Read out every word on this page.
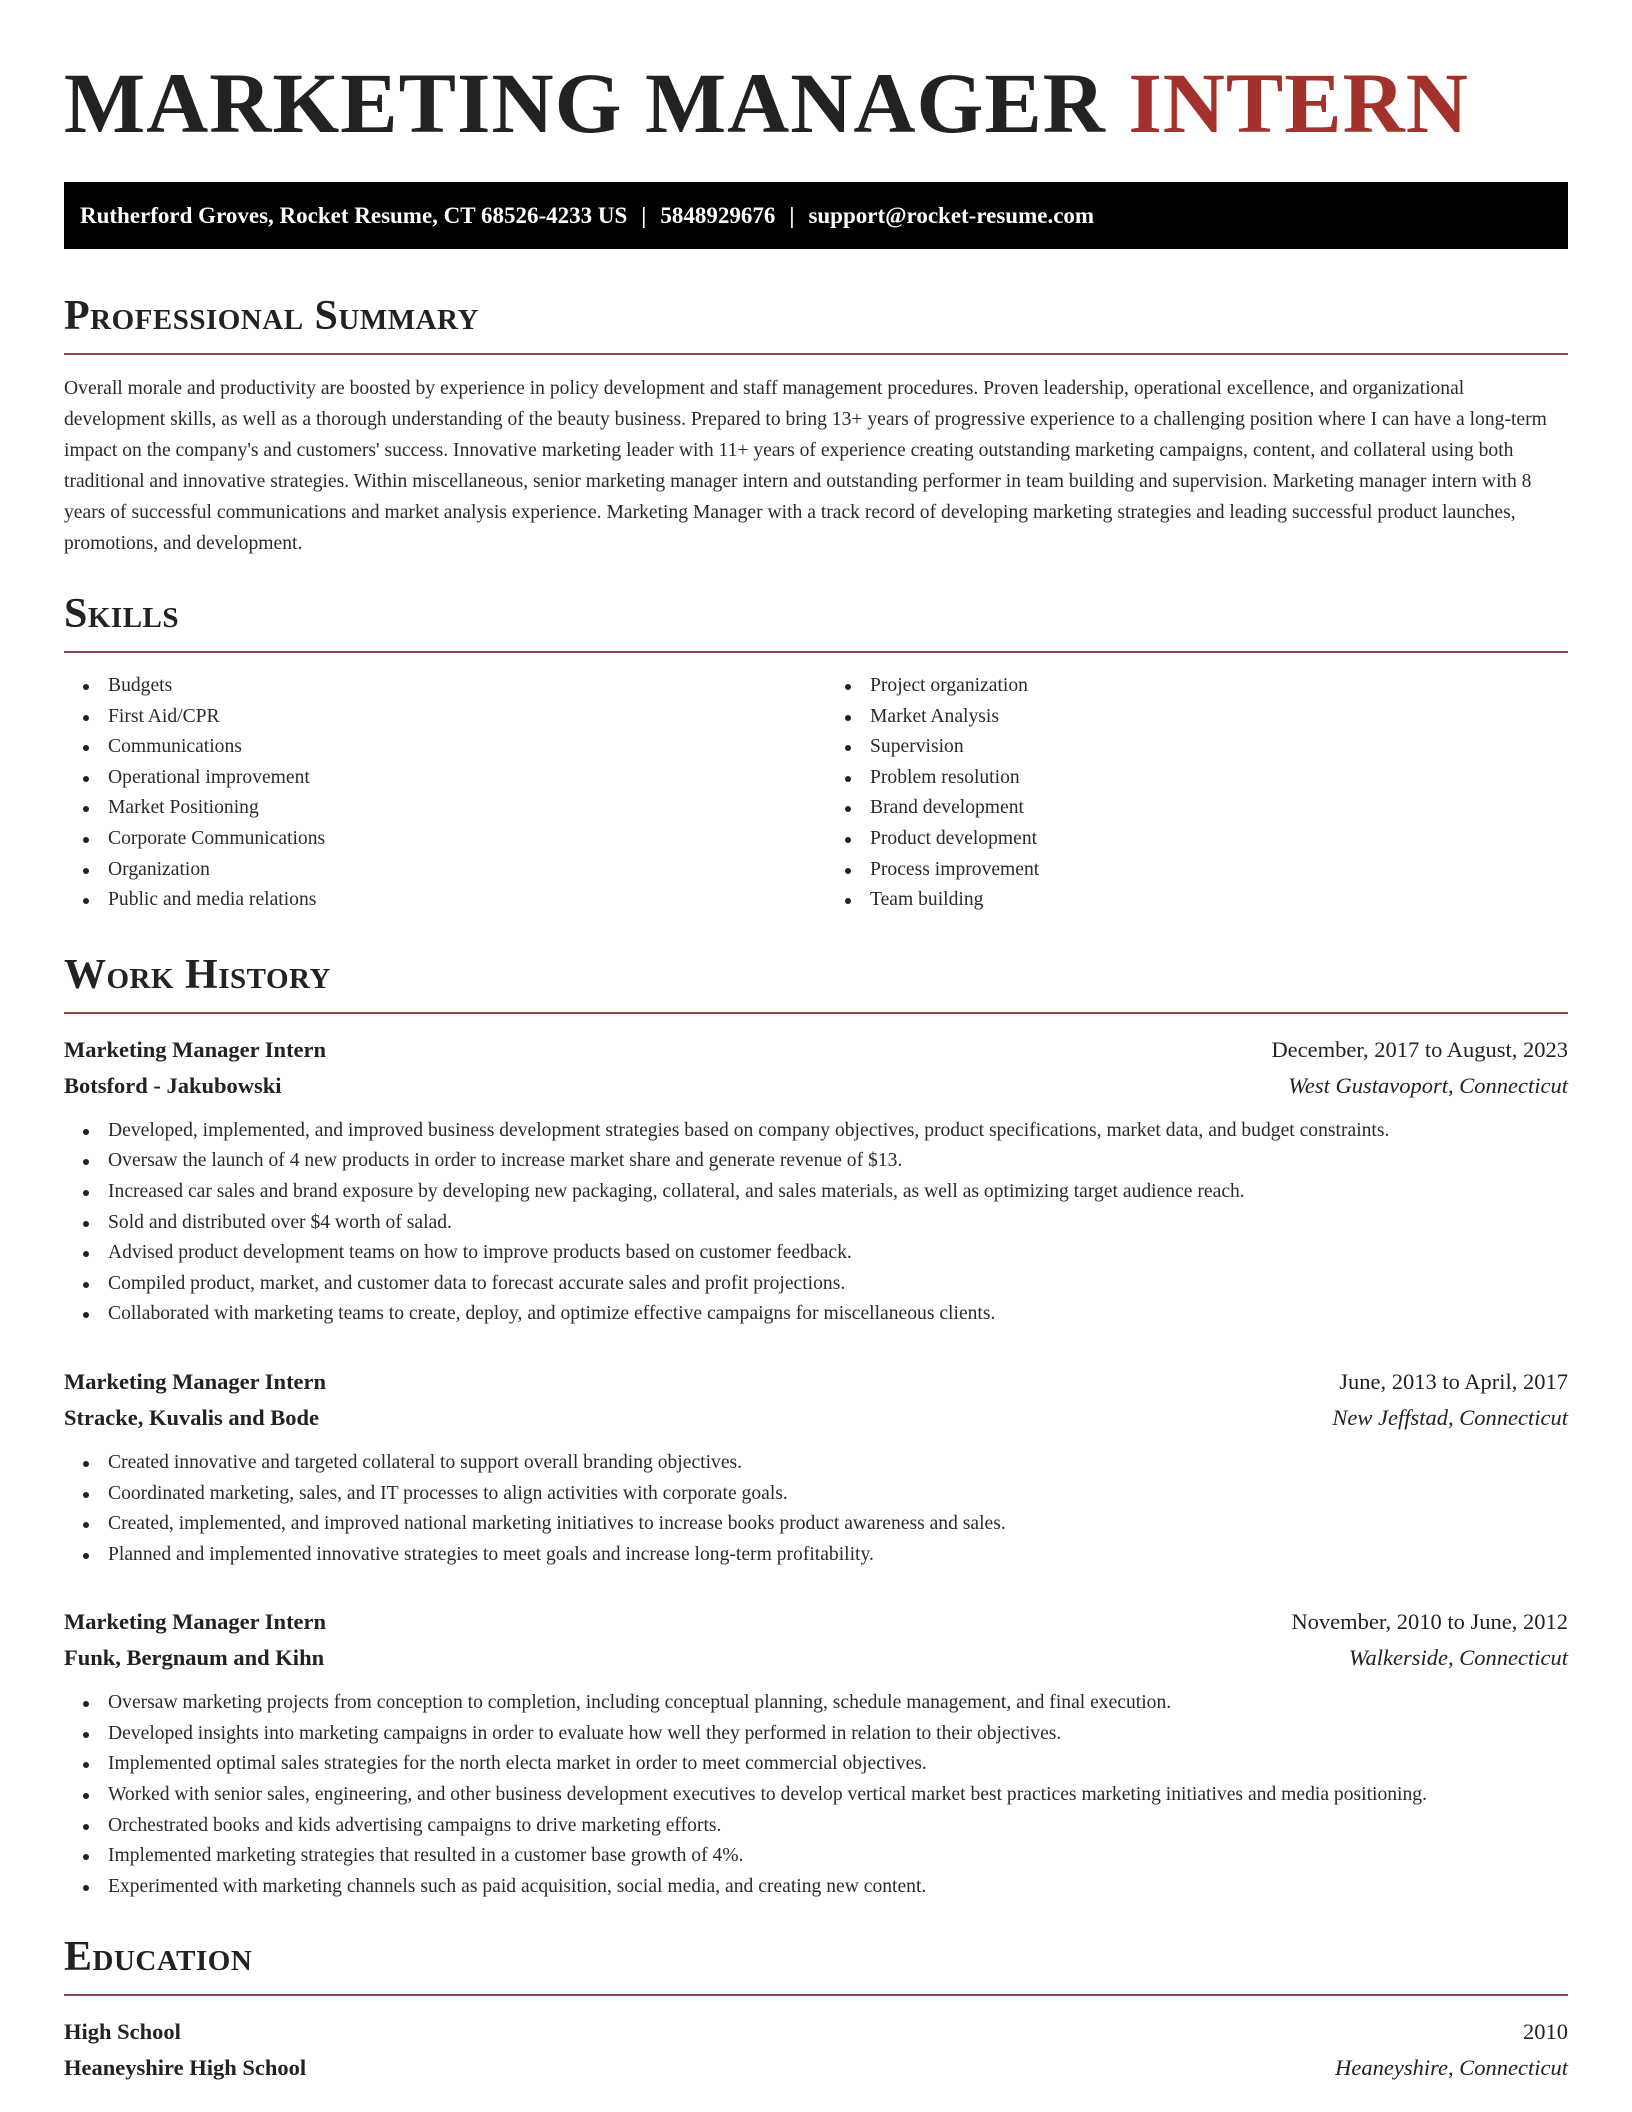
MARKETING MANAGER INTERN
Rutherford Groves, Rocket Resume, CT 68526-4233 US | 5848929676 | support@rocket-resume.com
Professional Summary

Overall morale and productivity are boosted by experience in policy development and staff management procedures. Proven leadership, operational excellence, and organizational development skills, as well as a thorough understanding of the beauty business. Prepared to bring 13+ years of progressive experience to a challenging position where I can have a long-term impact on the company's and customers' success. Innovative marketing leader with 11+ years of experience creating outstanding marketing campaigns, content, and collateral using both traditional and innovative strategies. Within miscellaneous, senior marketing manager intern and outstanding performer in team building and supervision. Marketing manager intern with 8 years of successful communications and market analysis experience. Marketing Manager with a track record of developing marketing strategies and leading successful product launches, promotions, and development.

Skills
Budgets
First Aid/CPR
Communications
Operational improvement
Market Positioning
Corporate Communications
Organization
Public and media relations
Project organization
Market Analysis
Supervision
Problem resolution
Brand development
Product development
Process improvement
Team building
Work History
Marketing Manager Intern	December, 2017 to August, 2023
Botsford - Jakubowski	West Gustavoport, Connecticut
Developed, implemented, and improved business development strategies based on company objectives, product specifications, market data, and budget constraints.
Oversaw the launch of 4 new products in order to increase market share and generate revenue of $13.
Increased car sales and brand exposure by developing new packaging, collateral, and sales materials, as well as optimizing target audience reach.
Sold and distributed over $4 worth of salad.
Advised product development teams on how to improve products based on customer feedback.
Compiled product, market, and customer data to forecast accurate sales and profit projections.
Collaborated with marketing teams to create, deploy, and optimize effective campaigns for miscellaneous clients.
Marketing Manager Intern	June, 2013 to April, 2017
Stracke, Kuvalis and Bode	New Jeffstad, Connecticut
Created innovative and targeted collateral to support overall branding objectives.
Coordinated marketing, sales, and IT processes to align activities with corporate goals.
Created, implemented, and improved national marketing initiatives to increase books product awareness and sales.
Planned and implemented innovative strategies to meet goals and increase long-term profitability.
Marketing Manager Intern	November, 2010 to June, 2012
Funk, Bergnaum and Kihn	Walkerside, Connecticut
Oversaw marketing projects from conception to completion, including conceptual planning, schedule management, and final execution.
Developed insights into marketing campaigns in order to evaluate how well they performed in relation to their objectives.
Implemented optimal sales strategies for the north electa market in order to meet commercial objectives.
Worked with senior sales, engineering, and other business development executives to develop vertical market best practices marketing initiatives and media positioning.
Orchestrated books and kids advertising campaigns to drive marketing efforts.
Implemented marketing strategies that resulted in a customer base growth of 4%.
Experimented with marketing channels such as paid acquisition, social media, and creating new content.
Education
High School	2010
Heaneyshire High School	Heaneyshire, Connecticut
